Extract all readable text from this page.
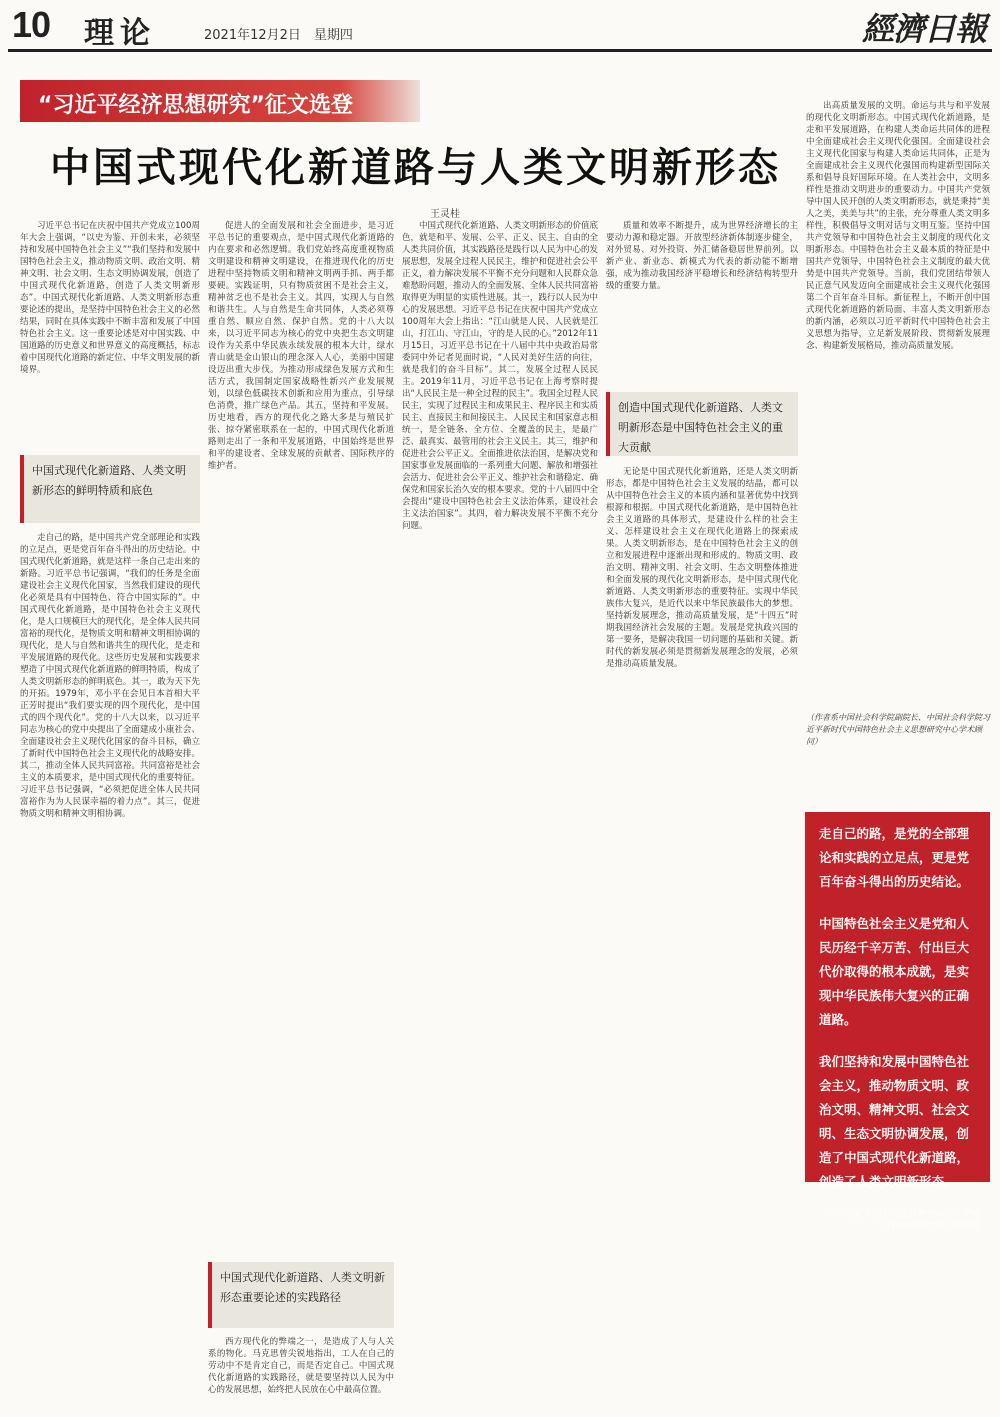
10 理论	2021年12月2日　星期四	經濟日報
“习近平经济思想研究”征文选登
中国式现代化新道路与人类文明新形态
王灵桂

习近平总书记在庆祝中国共产党成立100周年大会上强调，“以史为鉴、开创未来，必须坚持和发展中国特色社会主义”“我们坚持和发展中国特色社会主义，推动物质文明、政治文明、精神文明、社会文明、生态文明协调发展，创造了中国式现代化新道路，创造了人类文明新形态”。中国式现代化新道路、人类文明新形态重要论述的提出，是坚持中国特色社会主义的必然结果，同时在具体实践中不断丰富和发展了中国特色社会主义。这一重要论述是对中国实践、中国道路的历史意义和世界意义的高度概括，标志着中国现代化道路的新定位、中华文明发展的新境界。

中国式现代化新道路、人类文明新形态的鲜明特质和底色

走自己的路，是中国共产党全部理论和实践的立足点，更是党百年奋斗得出的历史结论。中国式现代化新道路，就是这样一条自己走出来的新路。习近平总书记强调，“我们的任务是全面建设社会主义现代化国家，当然我们建设的现代化必须是具有中国特色、符合中国实际的”。中国式现代化新道路，是中国特色社会主义现代化，是人口规模巨大的现代化，是全体人民共同富裕的现代化，是物质文明和精神文明相协调的现代化，是人与自然和谐共生的现代化，是走和平发展道路的现代化。这些历史发展和实践要求塑造了中国式现代化新道路的鲜明特质，构成了人类文明新形态的鲜明底色。其一，敢为天下先的开拓。1979年，邓小平在会见日本首相大平正芳时提出“我们要实现的四个现代化，是中国式的四个现代化”。党的十八大以来，以习近平同志为核心的党中央提出了全面建成小康社会、全面建设社会主义现代化国家的奋斗目标，确立了新时代中国特色社会主义现代化的战略安排。其二，推动全体人民共同富裕。共同富裕是社会主义的本质要求，是中国式现代化的重要特征。习近平总书记强调，“必须把促进全体人民共同富裕作为为人民谋幸福的着力点”。其三，促进物质文明和精神文明相协调。

促进人的全面发展和社会全面进步，是习近平总书记的重要观点，是中国式现代化新道路的内在要求和必然逻辑。我们党始终高度重视物质文明建设和精神文明建设，在推进现代化的历史进程中坚持物质文明和精神文明两手抓、两手都要硬。实践证明，只有物质贫困不是社会主义，精神贫乏也不是社会主义。其四，实现人与自然和谐共生。人与自然是生命共同体，人类必须尊重自然、顺应自然、保护自然。党的十八大以来，以习近平同志为核心的党中央把生态文明建设作为关系中华民族永续发展的根本大计，绿水青山就是金山银山的理念深入人心，美丽中国建设迈出重大步伐。为推动形成绿色发展方式和生活方式，我国制定国家战略性新兴产业发展规划，以绿色低碳技术创新和应用为重点，引导绿色消费，推广绿色产品。其五，坚持和平发展。历史地看，西方的现代化之路大多是与殖民扩张、掠夺紧密联系在一起的，中国式现代化新道路则走出了一条和平发展道路，中国始终是世界和平的建设者、全球发展的贡献者、国际秩序的维护者。

中国式现代化新道路、人类文明新形态重要论述的实践路径

西方现代化的弊端之一，是造成了人与人关系的物化。马克思曾尖锐地指出，工人在自己的劳动中不是肯定自己，而是否定自己。中国式现代化新道路的实践路径，就是要坚持以人民为中心的发展思想，始终把人民放在心中最高位置。

中国式现代化新道路、人类文明新形态的价值底色，就是和平、发展、公平、正义、民主、自由的全人类共同价值，其实践路径是践行以人民为中心的发展思想，发展全过程人民民主，维护和促进社会公平正义，着力解决发展不平衡不充分问题和人民群众急难愁盼问题，推动人的全面发展、全体人民共同富裕取得更为明显的实质性进展。其一，践行以人民为中心的发展思想。习近平总书记在庆祝中国共产党成立100周年大会上指出：“江山就是人民、人民就是江山，打江山、守江山，守的是人民的心。”2012年11月15日，习近平总书记在十八届中共中央政治局常委同中外记者见面时说，“人民对美好生活的向往，就是我们的奋斗目标”。其二，发展全过程人民民主。2019年11月，习近平总书记在上海考察时提出“人民民主是一种全过程的民主”。我国全过程人民民主，实现了过程民主和成果民主、程序民主和实质民主、直接民主和间接民主、人民民主和国家意志相统一，是全链条、全方位、全覆盖的民主，是最广泛、最真实、最管用的社会主义民主。其三，维护和促进社会公平正义。全面推进依法治国，是解决党和国家事业发展面临的一系列重大问题、解放和增强社会活力、促进社会公平正义、维护社会和谐稳定、确保党和国家长治久安的根本要求。党的十八届四中全会提出“建设中国特色社会主义法治体系，建设社会主义法治国家”。其四，着力解决发展不平衡不充分问题。

质量和效率不断提升，成为世界经济增长的主要动力源和稳定器。开放型经济新体制逐步健全，对外贸易、对外投资、外汇储备稳居世界前列。以新产业、新业态、新模式为代表的新动能不断增强，成为推动我国经济平稳增长和经济结构转型升级的重要力量。

创造中国式现代化新道路、人类文明新形态是中国特色社会主义的重大贡献

无论是中国式现代化新道路，还是人类文明新形态，都是中国特色社会主义发展的结晶，都可以从中国特色社会主义的本质内涵和显著优势中找到根源和根据。中国式现代化新道路，是中国特色社会主义道路的具体形式，是建设什么样的社会主义、怎样建设社会主义在现代化道路上的探索成果。人类文明新形态，是在中国特色社会主义的创立和发展进程中逐渐出现和形成的。物质文明、政治文明、精神文明、社会文明、生态文明整体推进和全面发展的现代化文明新形态，是中国式现代化新道路、人类文明新形态的重要特征。实现中华民族伟大复兴，是近代以来中华民族最伟大的梦想。坚持新发展理念，推动高质量发展，是“十四五”时期我国经济社会发展的主题。发展是党执政兴国的第一要务，是解决我国一切问题的基础和关键。新时代的新发展必须是贯彻新发展理念的发展，必须是推动高质量发展。

出高质量发展的文明。命运与共与和平发展的现代化文明新形态。中国式现代化新道路，是走和平发展道路，在构建人类命运共同体的进程中全面建成社会主义现代化强国。全面建设社会主义现代化国家与构建人类命运共同体，正是为全面建成社会主义现代化强国而构建新型国际关系和倡导良好国际环境。在人类社会中，文明多样性是推动文明进步的重要动力。中国共产党领导中国人民开创的人类文明新形态，就是秉持“美人之美，美美与共”的主张，充分尊重人类文明多样性，积极倡导文明对话与文明互鉴。坚持中国共产党领导和中国特色社会主义制度的现代化文明新形态。中国特色社会主义最本质的特征是中国共产党领导，中国特色社会主义制度的最大优势是中国共产党领导。当前，我们党团结带领人民正意气风发迈向全面建成社会主义现代化强国第二个百年奋斗目标。新征程上，不断开创中国式现代化新道路的新局面、丰富人类文明新形态的新内涵，必须以习近平新时代中国特色社会主义思想为指导，立足新发展阶段、贯彻新发展理念、构建新发展格局，推动高质量发展。

（作者系中国社会科学院副院长、中国社会科学院习近平新时代中国特色社会主义思想研究中心学术顾问）

走自己的路，是党的全部理论和实践的立足点，更是党百年奋斗得出的历史结论。

中国特色社会主义是党和人民历经千辛万苦、付出巨大代价取得的根本成就，是实现中华民族伟大复兴的正确道路。

我们坚持和发展中国特色社会主义，推动物质文明、政治文明、精神文明、社会文明、生态文明协调发展，创造了中国式现代化新道路，创造了人类文明新形态。

——习近平总书记在庆祝中国共产党成立100周年大会上的讲话
